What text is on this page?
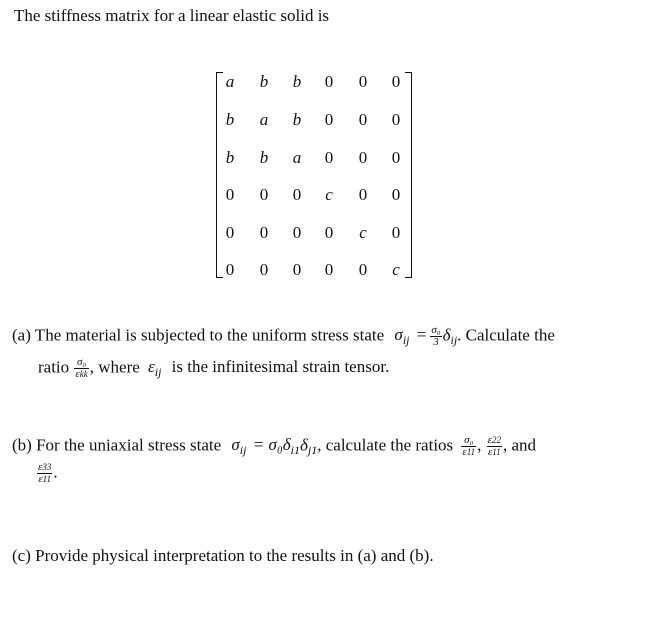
The stiffness matrix for a linear elastic solid is
a	b	b	0	0	0
b	a	b	0	0	0
b	b	a	0	0	0
0	0	0	c	0	0
0	0	0	0	c	0
0	0	0	0	0	c
(a) The material is subjected to the uniform stress state $\sigma_{ij} = \frac{\text{σ₀}}{3} \delta_{ij}$. Calculate the
ratio $\frac{\text{σ₀}}{\text{εkk}}$ , where $\varepsilon_{ij}$ is the infinitesimal strain tensor.
(b) For the uniaxial stress state $\sigma_{ij} = \sigma_0\delta_{i1}\delta_{j1}$, calculate the ratios $\frac{\text{σ₀}}{\varepsilon 11}$ , $\frac{\varepsilon 22}{\varepsilon 11}$ , and
$\frac{\varepsilon 33}{\varepsilon 11}$ .
(c) Provide physical interpretation to the results in (a) and (b).
